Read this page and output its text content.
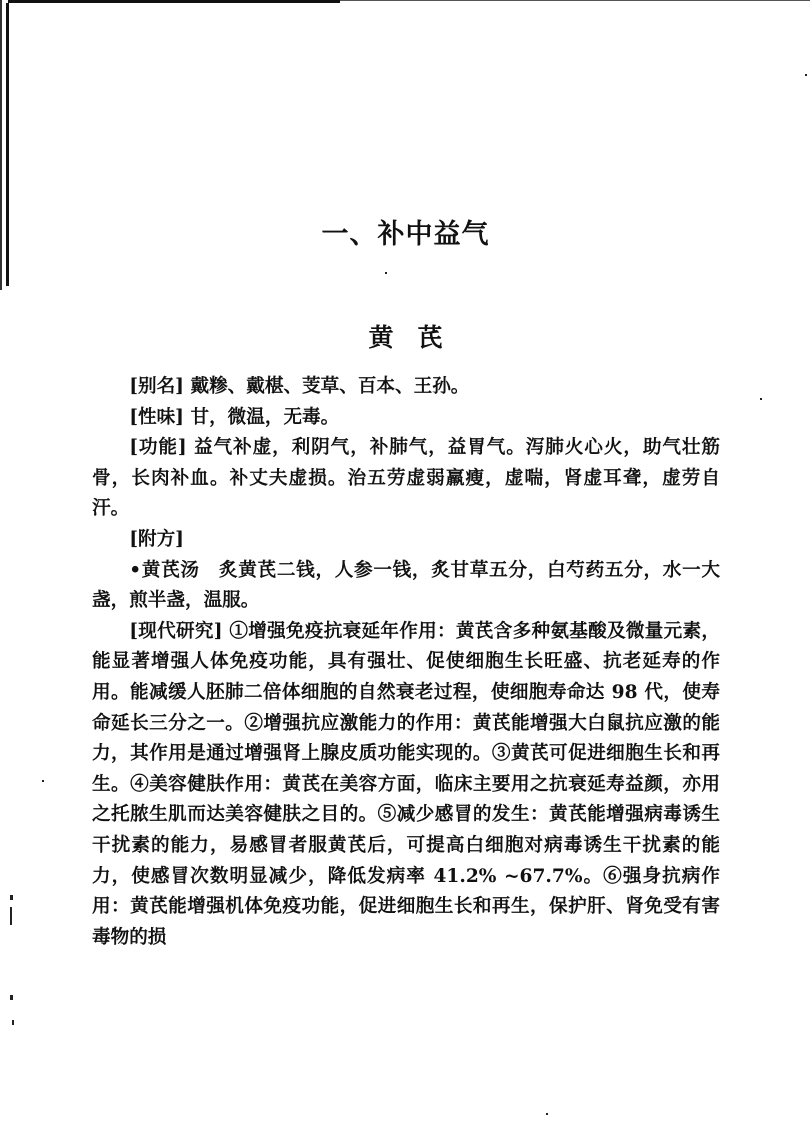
一、补中益气
黄芪

[别名] 戴糁、戴椹、芰草、百本、王孙。

[性味] 甘，微温，无毒。

[功能] 益气补虚，利阴气，补肺气，益胃气。泻肺火心火，助气壮筋骨，长肉补血。补丈夫虚损。治五劳虚弱羸瘦，虚喘，肾虚耳聋，虚劳自汗。

[附方]

•黄芪汤  炙黄芪二钱，人参一钱，炙甘草五分，白芍药五分，水一大盏，煎半盏，温服。

[现代研究] ①增强免疫抗衰延年作用：黄芪含多种氨基酸及微量元素，能显著增强人体免疫功能，具有强壮、促使细胞生长旺盛、抗老延寿的作用。能减缓人胚肺二倍体细胞的自然衰老过程，使细胞寿命达 98 代，使寿命延长三分之一。②增强抗应激能力的作用：黄芪能增强大白鼠抗应激的能力，其作用是通过增强肾上腺皮质功能实现的。③黄芪可促进细胞生长和再生。④美容健肤作用：黄芪在美容方面，临床主要用之抗衰延寿益颜，亦用之托脓生肌而达美容健肤之目的。⑤减少感冒的发生：黄芪能增强病毒诱生干扰素的能力，易感冒者服黄芪后，可提高白细胞对病毒诱生干扰素的能力，使感冒次数明显减少，降低发病率 41.2% ~67.7%。⑥强身抗病作用：黄芪能增强机体免疫功能，促进细胞生长和再生，保护肝、肾免受有害毒物的损
